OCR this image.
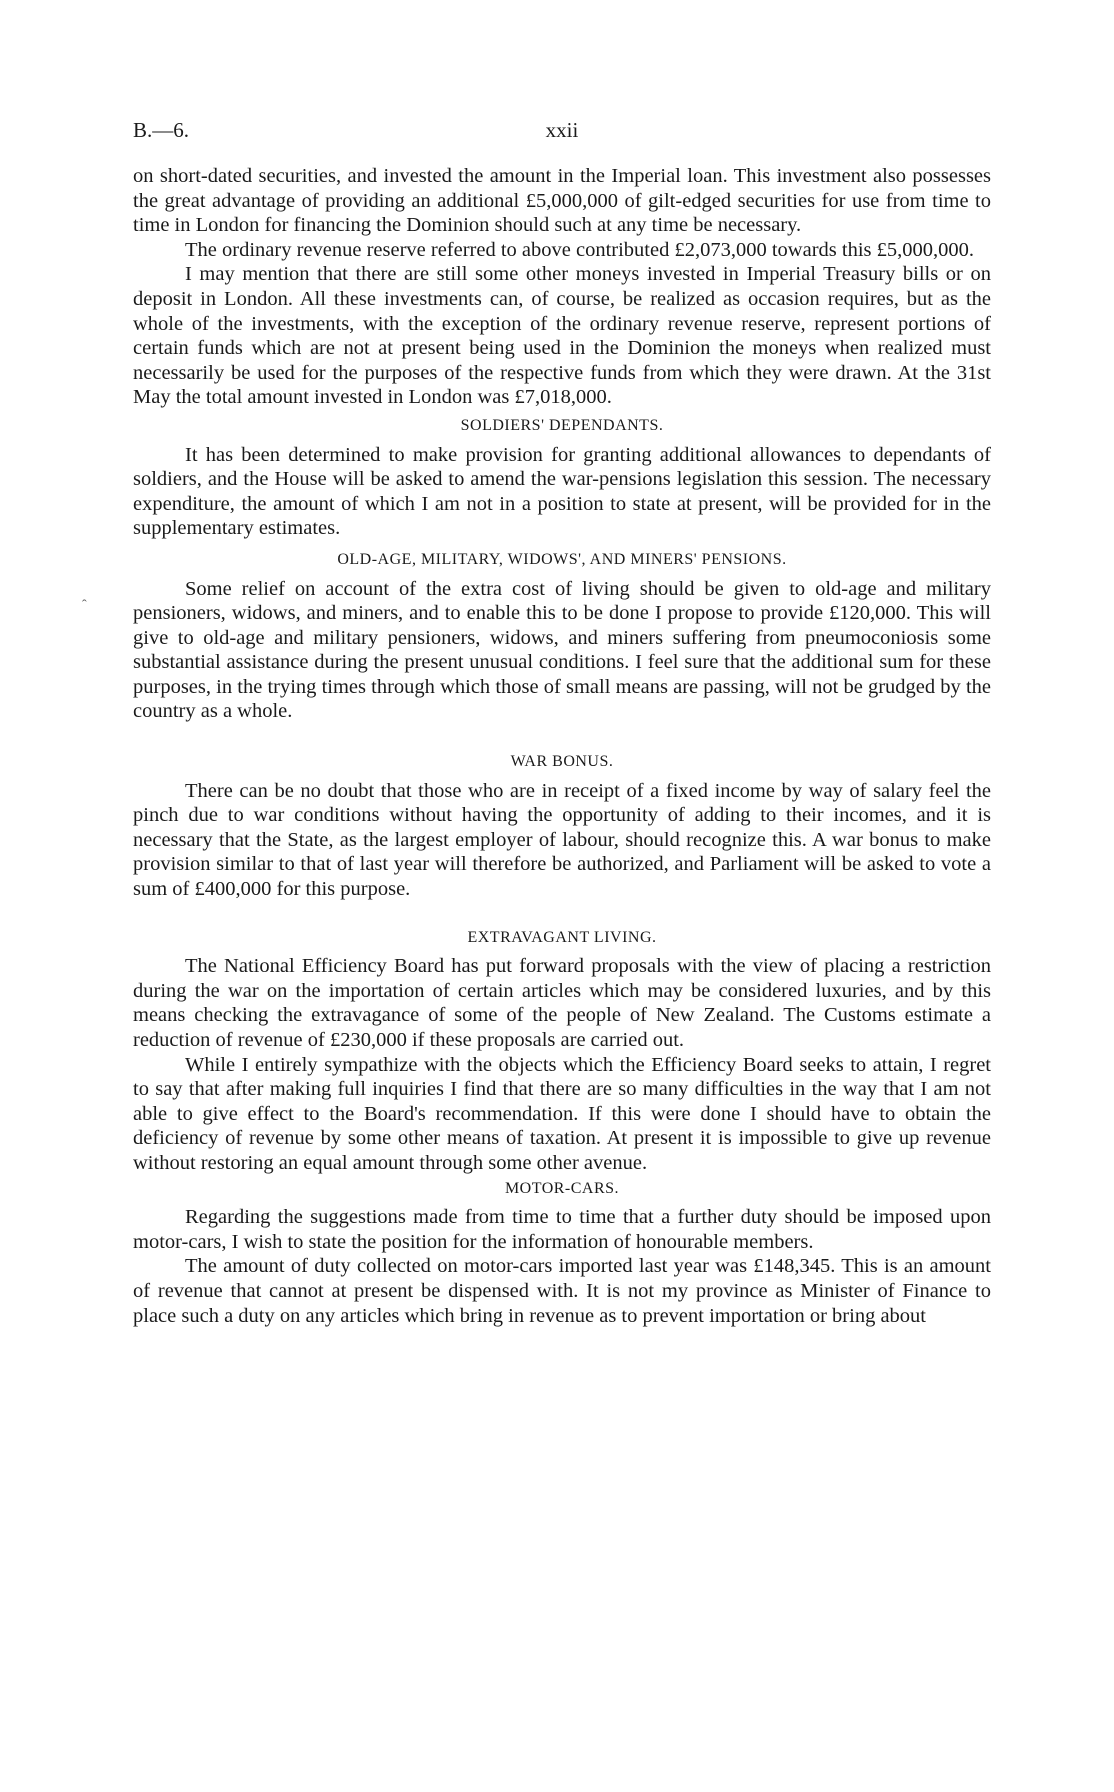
B.—6.	xxii
ˆ

on short-dated securities, and invested the amount in the Imperial loan. This investment also possesses the great advantage of providing an additional £5,000,000 of gilt-edged securities for use from time to time in London for financing the Dominion should such at any time be necessary.

The ordinary revenue reserve referred to above contributed £2,073,000 towards this £5,000,000.

I may mention that there are still some other moneys invested in Imperial Treasury bills or on deposit in London. All these investments can, of course, be realized as occasion requires, but as the whole of the investments, with the exception of the ordinary revenue reserve, represent portions of certain funds which are not at present being used in the Dominion the moneys when realized must necessarily be used for the purposes of the respective funds from which they were drawn. At the 31st May the total amount invested in London was £7,018,000.

SOLDIERS' DEPENDANTS.

It has been determined to make provision for granting additional allowances to dependants of soldiers, and the House will be asked to amend the war-pensions legislation this session. The necessary expenditure, the amount of which I am not in a position to state at present, will be provided for in the supplementary estimates.

OLD-AGE, MILITARY, WIDOWS', AND MINERS' PENSIONS.

Some relief on account of the extra cost of living should be given to old-age and military pensioners, widows, and miners, and to enable this to be done I propose to provide £120,000. This will give to old-age and military pensioners, widows, and miners suffering from pneumoconiosis some substantial assistance during the present unusual conditions. I feel sure that the additional sum for these purposes, in the trying times through which those of small means are passing, will not be grudged by the country as a whole.

WAR BONUS.

There can be no doubt that those who are in receipt of a fixed income by way of salary feel the pinch due to war conditions without having the opportunity of adding to their incomes, and it is necessary that the State, as the largest employer of labour, should recognize this. A war bonus to make provision similar to that of last year will therefore be authorized, and Parliament will be asked to vote a sum of £400,000 for this purpose.

EXTRAVAGANT LIVING.

The National Efficiency Board has put forward proposals with the view of placing a restriction during the war on the importation of certain articles which may be considered luxuries, and by this means checking the extravagance of some of the people of New Zealand. The Customs estimate a reduction of revenue of £230,000 if these proposals are carried out.

While I entirely sympathize with the objects which the Efficiency Board seeks to attain, I regret to say that after making full inquiries I find that there are so many difficulties in the way that I am not able to give effect to the Board's recommendation. If this were done I should have to obtain the deficiency of revenue by some other means of taxation. At present it is impossible to give up revenue without restoring an equal amount through some other avenue.

MOTOR-CARS.

Regarding the suggestions made from time to time that a further duty should be imposed upon motor-cars, I wish to state the position for the information of honourable members.

The amount of duty collected on motor-cars imported last year was £148,345. This is an amount of revenue that cannot at present be dispensed with. It is not my province as Minister of Finance to place such a duty on any articles which bring in revenue as to prevent importation or bring about
